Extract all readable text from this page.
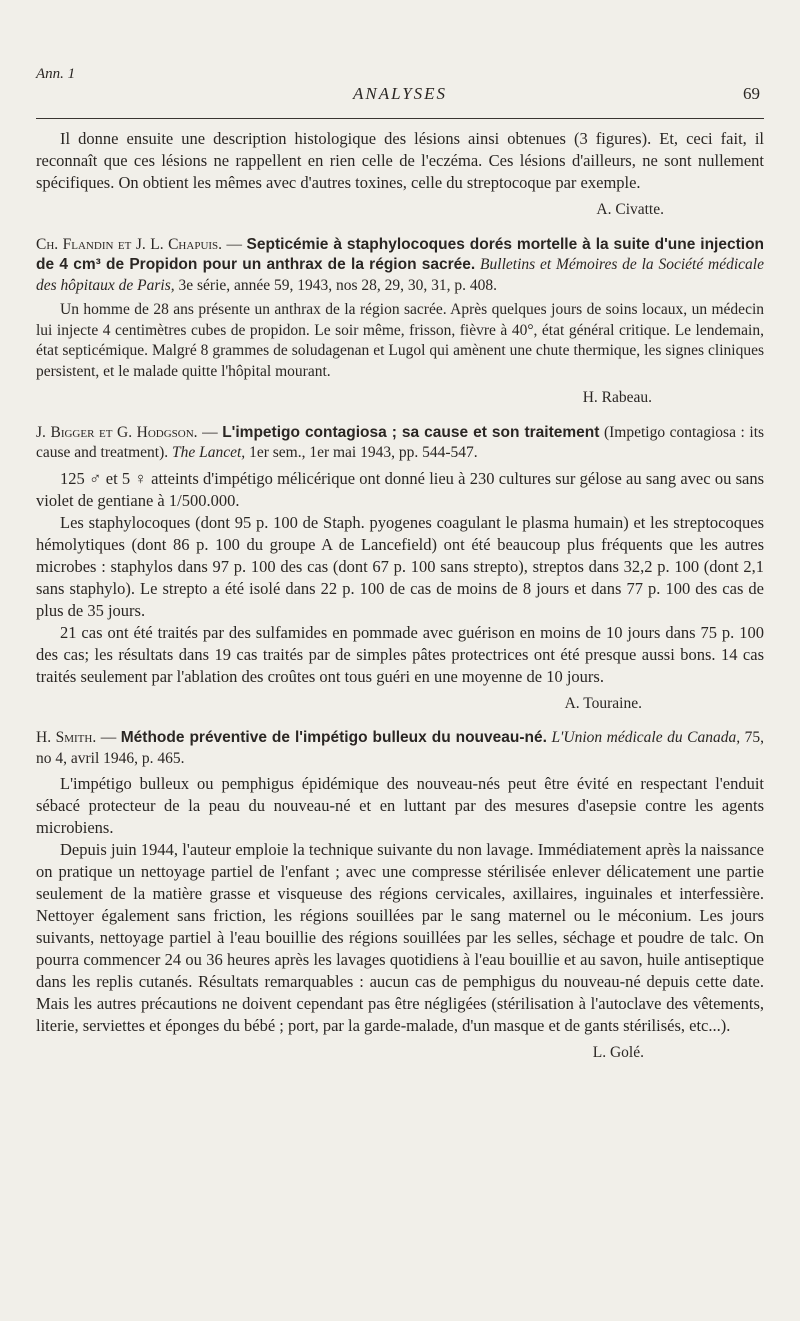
Ann. 1
ANALYSES	69

Il donne ensuite une description histologique des lésions ainsi obtenues (3 figures). Et, ceci fait, il reconnaît que ces lésions ne rappellent en rien celle de l'eczéma. Ces lésions d'ailleurs, ne sont nullement spécifiques. On obtient les mêmes avec d'autres toxines, celle du streptocoque par exemple.

A. Civatte.
Ch. Flandin et J. L. Chapuis. — Septicémie à staphylocoques dorés mortelle à la suite d'une injection de 4 cm³ de Propidon pour un anthrax de la région sacrée. Bulletins et Mémoires de la Société médicale des hôpitaux de Paris, 3e série, année 59, 1943, nos 28, 29, 30, 31, p. 408.

Un homme de 28 ans présente un anthrax de la région sacrée. Après quelques jours de soins locaux, un médecin lui injecte 4 centimètres cubes de propidon. Le soir même, frisson, fièvre à 40°, état général critique. Le lendemain, état septicémique. Malgré 8 grammes de soludagenan et Lugol qui amènent une chute thermique, les signes cliniques persistent, et le malade quitte l'hôpital mourant.

H. Rabeau.
J. Bigger et G. Hodgson. — L'impetigo contagiosa ; sa cause et son traitement (Impetigo contagiosa : its cause and treatment). The Lancet, 1er sem., 1er mai 1943, pp. 544-547.

125 ♂ et 5 ♀ atteints d'impétigo mélicérique ont donné lieu à 230 cultures sur gélose au sang avec ou sans violet de gentiane à 1/500.000.

Les staphylocoques (dont 95 p. 100 de Staph. pyogenes coagulant le plasma humain) et les streptocoques hémolytiques (dont 86 p. 100 du groupe A de Lancefield) ont été beaucoup plus fréquents que les autres microbes : staphylos dans 97 p. 100 des cas (dont 67 p. 100 sans strepto), streptos dans 32,2 p. 100 (dont 2,1 sans staphylo). Le strepto a été isolé dans 22 p. 100 de cas de moins de 8 jours et dans 77 p. 100 des cas de plus de 35 jours.

21 cas ont été traités par des sulfamides en pommade avec guérison en moins de 10 jours dans 75 p. 100 des cas; les résultats dans 19 cas traités par de simples pâtes protectrices ont été presque aussi bons. 14 cas traités seulement par l'ablation des croûtes ont tous guéri en une moyenne de 10 jours.

A. Touraine.
H. Smith. — Méthode préventive de l'impétigo bulleux du nouveau-né. L'Union médicale du Canada, 75, no 4, avril 1946, p. 465.

L'impétigo bulleux ou pemphigus épidémique des nouveau-nés peut être évité en respectant l'enduit sébacé protecteur de la peau du nouveau-né et en luttant par des mesures d'asepsie contre les agents microbiens.

Depuis juin 1944, l'auteur emploie la technique suivante du non lavage. Immédiatement après la naissance on pratique un nettoyage partiel de l'enfant ; avec une compresse stérilisée enlever délicatement une partie seulement de la matière grasse et visqueuse des régions cervicales, axillaires, inguinales et interfessière. Nettoyer également sans friction, les régions souillées par le sang maternel ou le méconium. Les jours suivants, nettoyage partiel à l'eau bouillie des régions souillées par les selles, séchage et poudre de talc. On pourra commencer 24 ou 36 heures après les lavages quotidiens à l'eau bouillie et au savon, huile antiseptique dans les replis cutanés. Résultats remarquables : aucun cas de pemphigus du nouveau-né depuis cette date. Mais les autres précautions ne doivent cependant pas être négligées (stérilisation à l'autoclave des vêtements, literie, serviettes et éponges du bébé ; port, par la garde-malade, d'un masque et de gants stérilisés, etc...).

L. Golé.
